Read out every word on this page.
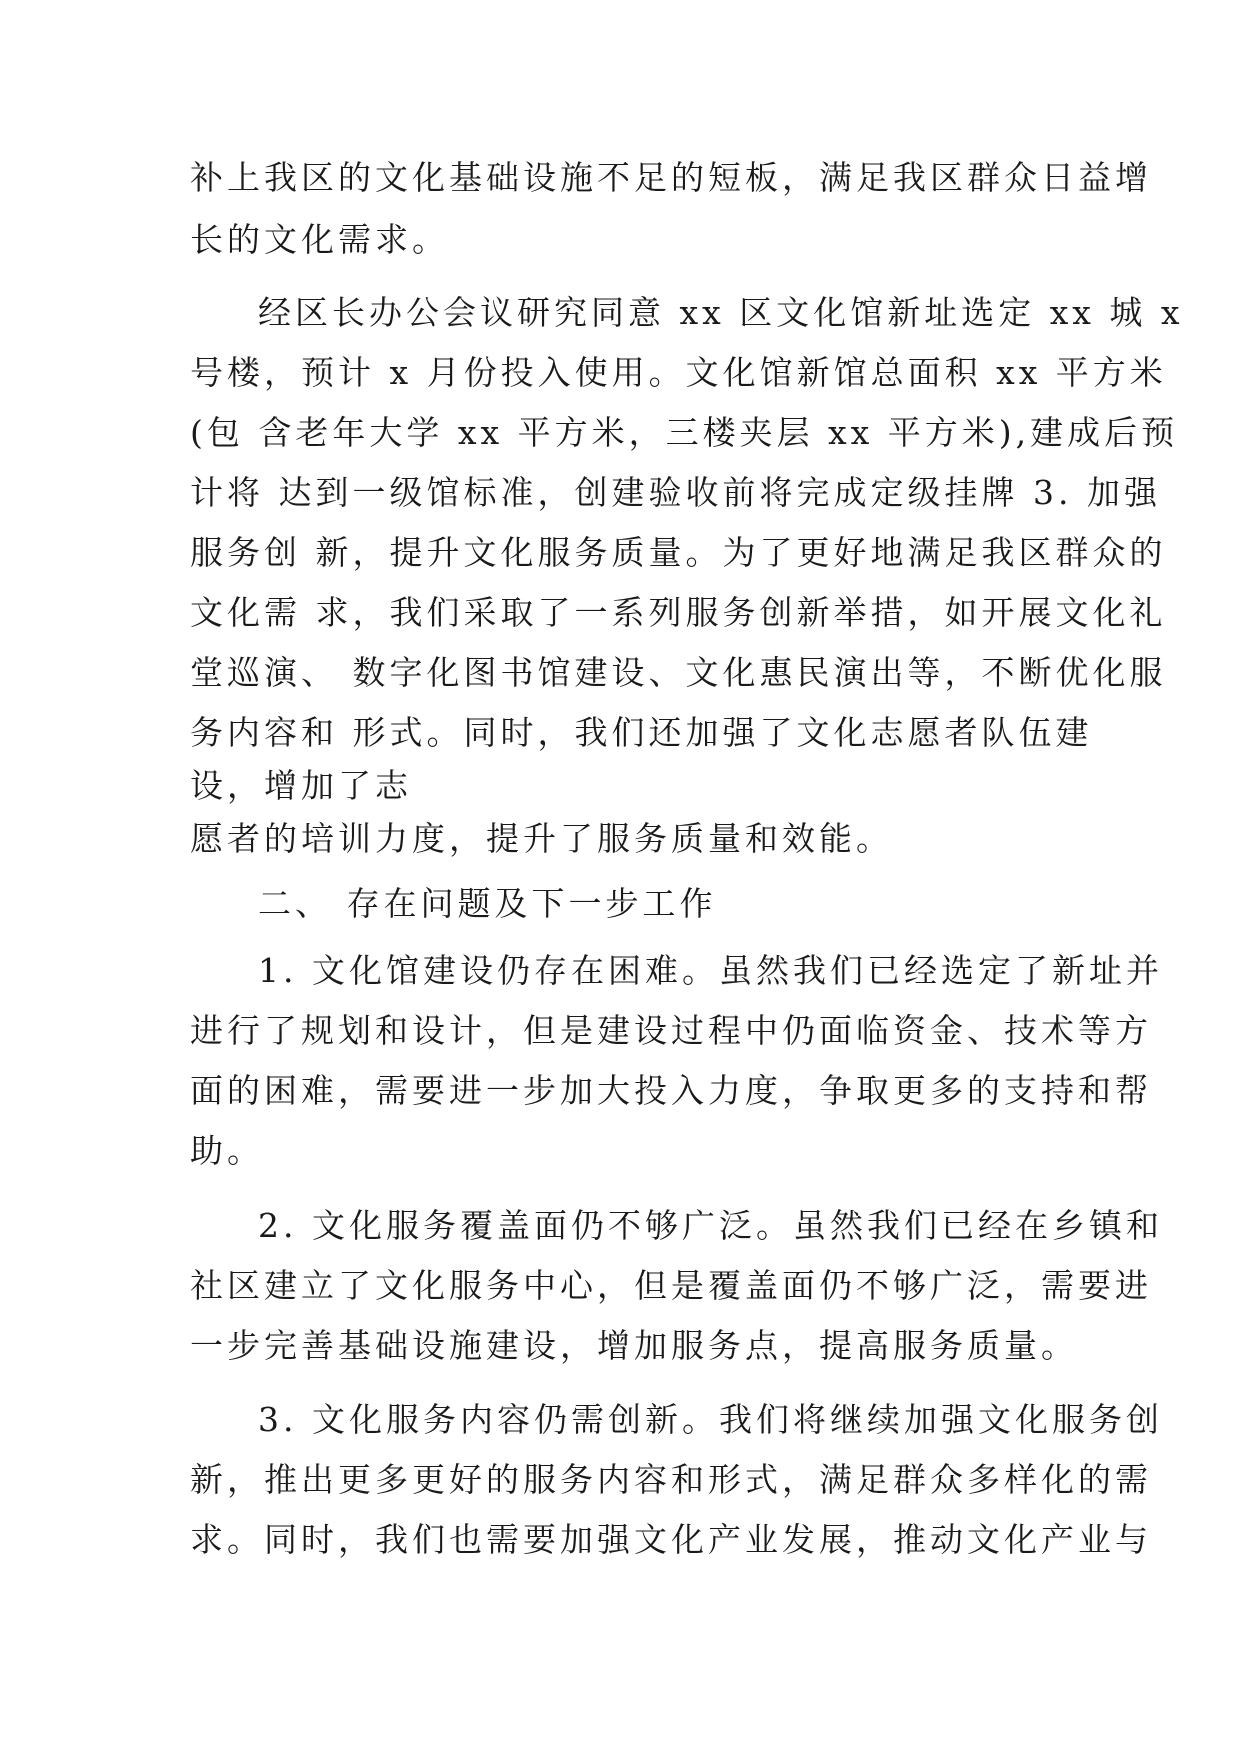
补上我区的文化基础设施不足的短板，满足我区群众日益增
长的文化需求。
经区长办公会议研究同意 xx 区文化馆新址选定 xx 城 x
号楼，预计 x 月份投入使用。文化馆新馆总面积 xx 平方米
(包 含老年大学 xx 平方米，三楼夹层 xx 平方米),建成后预
计将 达到一级馆标准，创建验收前将完成定级挂牌 3. 加强
服务创 新，提升文化服务质量。为了更好地满足我区群众的
文化需 求，我们采取了一系列服务创新举措，如开展文化礼
堂巡演、 数字化图书馆建设、文化惠民演出等，不断优化服
务内容和 形式。同时，我们还加强了文化志愿者队伍建
设，增加了志
愿者的培训力度，提升了服务质量和效能。
二、 存在问题及下一步工作
1. 文化馆建设仍存在困难。虽然我们已经选定了新址并
进行了规划和设计，但是建设过程中仍面临资金、技术等方
面的困难，需要进一步加大投入力度，争取更多的支持和帮
助。
2. 文化服务覆盖面仍不够广泛。虽然我们已经在乡镇和
社区建立了文化服务中心，但是覆盖面仍不够广泛，需要进
一步完善基础设施建设，增加服务点，提高服务质量。
3. 文化服务内容仍需创新。我们将继续加强文化服务创
新，推出更多更好的服务内容和形式，满足群众多样化的需
求。同时，我们也需要加强文化产业发展，推动文化产业与
